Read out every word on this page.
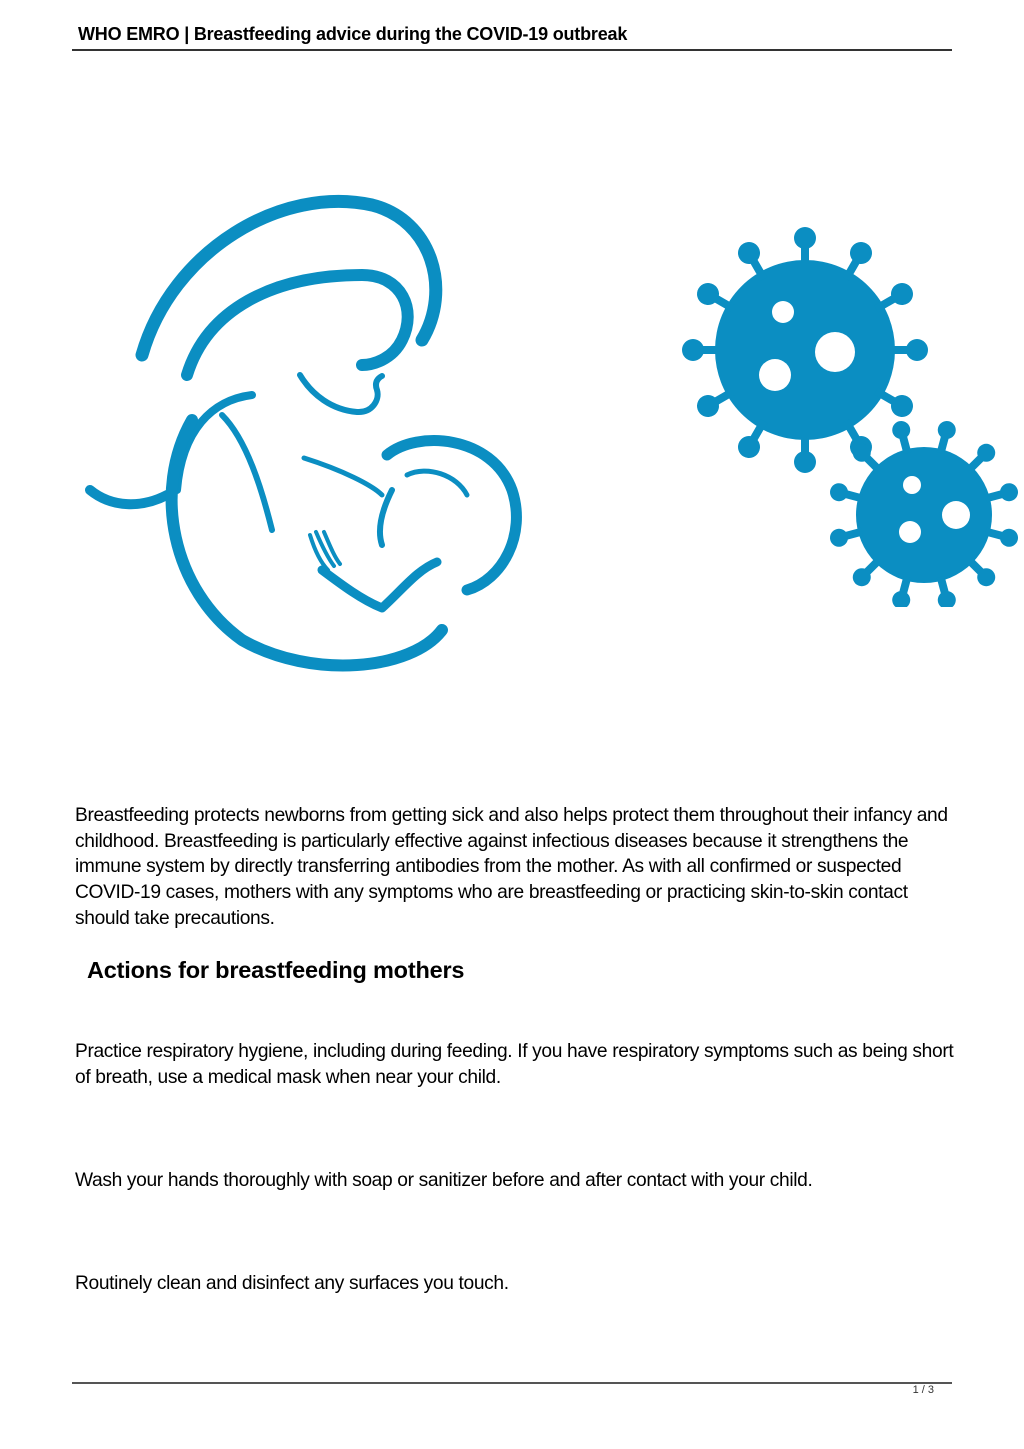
WHO EMRO | Breastfeeding advice during the COVID-19 outbreak

Breastfeeding protects newborns from getting sick and also helps protect them throughout their infancy and childhood. Breastfeeding is particularly effective against infectious diseases because it strengthens the immune system by directly transferring antibodies from the mother. As with all confirmed or suspected COVID-19 cases, mothers with any symptoms who are breastfeeding or practicing skin-to-skin contact should take precautions.

Actions for breastfeeding mothers

Practice respiratory hygiene, including during feeding. If you have respiratory symptoms such as being short of breath, use a medical mask when near your child.

Wash your hands thoroughly with soap or sanitizer before and after contact with your child.

Routinely clean and disinfect any surfaces you touch.

1 / 3
